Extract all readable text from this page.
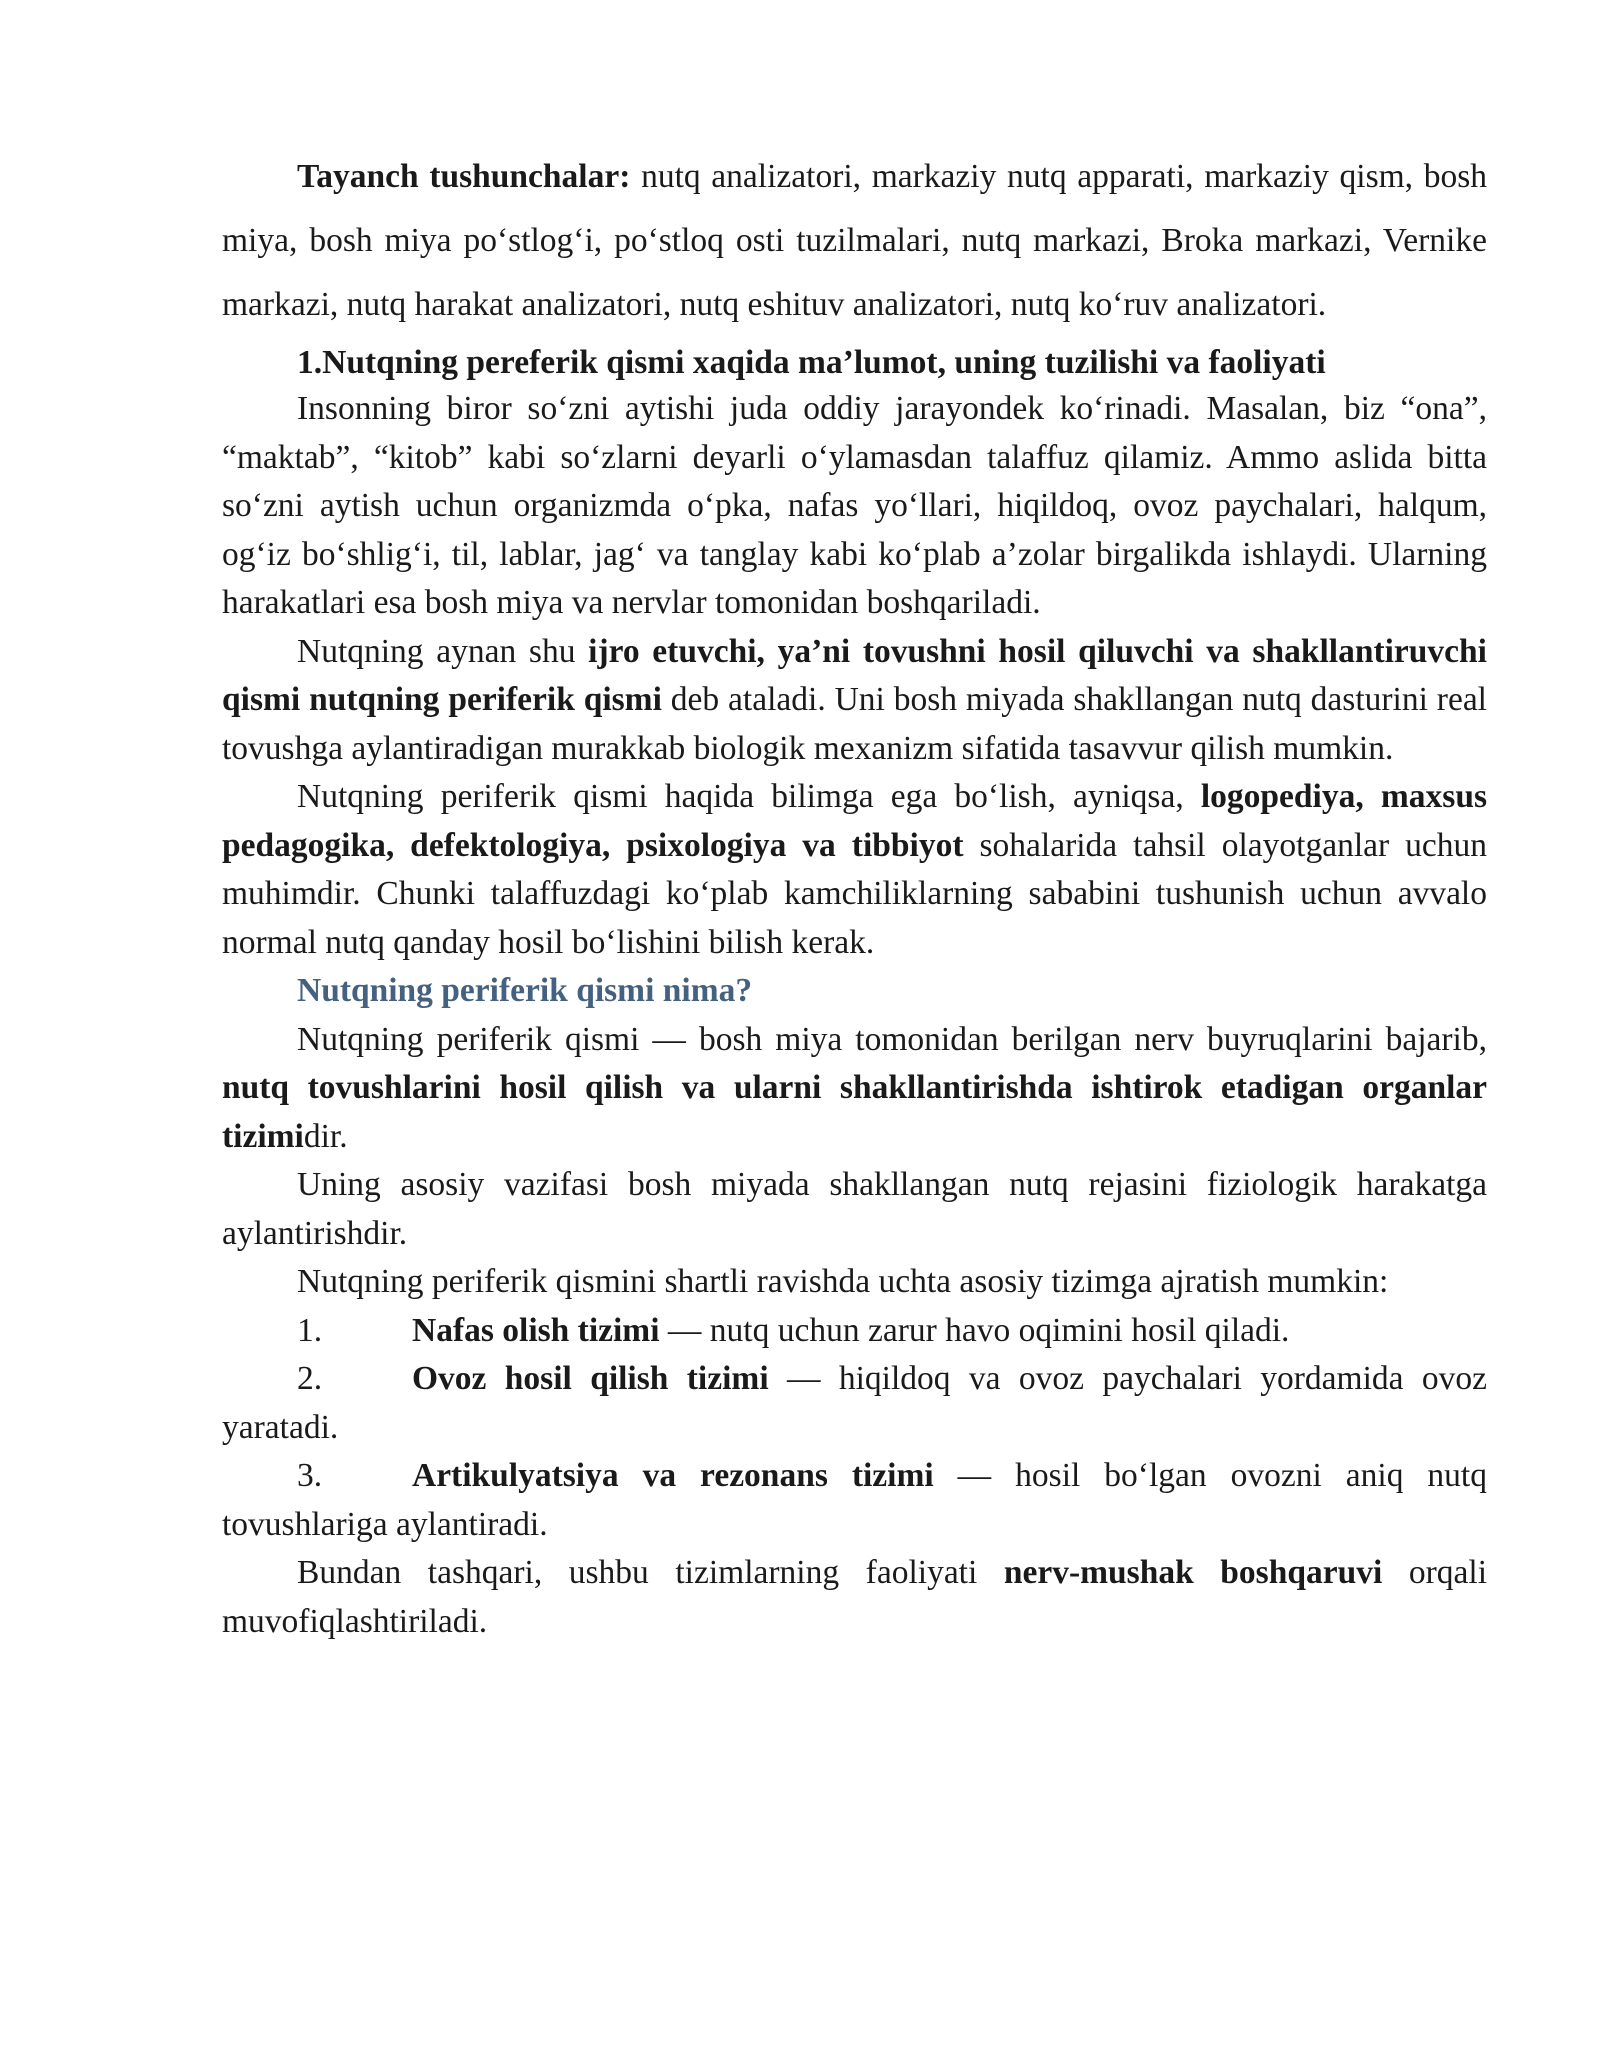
Tayanch tushunchalar: nutq analizatori, markaziy nutq apparati, markaziy qism, bosh miya, bosh miya po‘stlog‘i, po‘stloq osti tuzilmalari, nutq markazi, Broka markazi, Vernike markazi, nutq harakat analizatori, nutq eshituv analizatori, nutq ko‘ruv analizatori.

1.Nutqning pereferik qismi xaqida ma’lumot, uning tuzilishi va faoliyati

Insonning biror so‘zni aytishi juda oddiy jarayondek ko‘rinadi. Masalan, biz “ona”, “maktab”, “kitob” kabi so‘zlarni deyarli o‘ylamasdan talaffuz qilamiz. Ammo aslida bitta so‘zni aytish uchun organizmda o‘pka, nafas yo‘llari, hiqildoq, ovoz paychalari, halqum, og‘iz bo‘shlig‘i, til, lablar, jag‘ va tanglay kabi ko‘plab a’zolar birgalikda ishlaydi. Ularning harakatlari esa bosh miya va nervlar tomonidan boshqariladi.

Nutqning aynan shu ijro etuvchi, ya’ni tovushni hosil qiluvchi va shakllantiruvchi qismi nutqning periferik qismi deb ataladi. Uni bosh miyada shakllangan nutq dasturini real tovushga aylantiradigan murakkab biologik mexanizm sifatida tasavvur qilish mumkin.

Nutqning periferik qismi haqida bilimga ega bo‘lish, ayniqsa, logopediya, maxsus pedagogika, defektologiya, psixologiya va tibbiyot sohalarida tahsil olayotganlar uchun muhimdir. Chunki talaffuzdagi ko‘plab kamchiliklarning sababini tushunish uchun avvalo normal nutq qanday hosil bo‘lishini bilish kerak.

Nutqning periferik qismi nima?

Nutqning periferik qismi — bosh miya tomonidan berilgan nerv buyruqlarini bajarib, nutq tovushlarini hosil qilish va ularni shakllantirishda ishtirok etadigan organlar tizimidir.

Uning asosiy vazifasi bosh miyada shakllangan nutq rejasini fiziologik harakatga aylantirishdir.

Nutqning periferik qismini shartli ravishda uchta asosiy tizimga ajratish mumkin:

1.	Nafas olish tizimi — nutq uchun zarur havo oqimini hosil qiladi.

2.	Ovoz hosil qilish tizimi — hiqildoq va ovoz paychalari yordamida ovoz yaratadi.

3.	Artikulyatsiya va rezonans tizimi — hosil bo‘lgan ovozni aniq nutq tovushlariga aylantiradi.

Bundan tashqari, ushbu tizimlarning faoliyati nerv-mushak boshqaruvi orqali muvofiqlashtiriladi.
